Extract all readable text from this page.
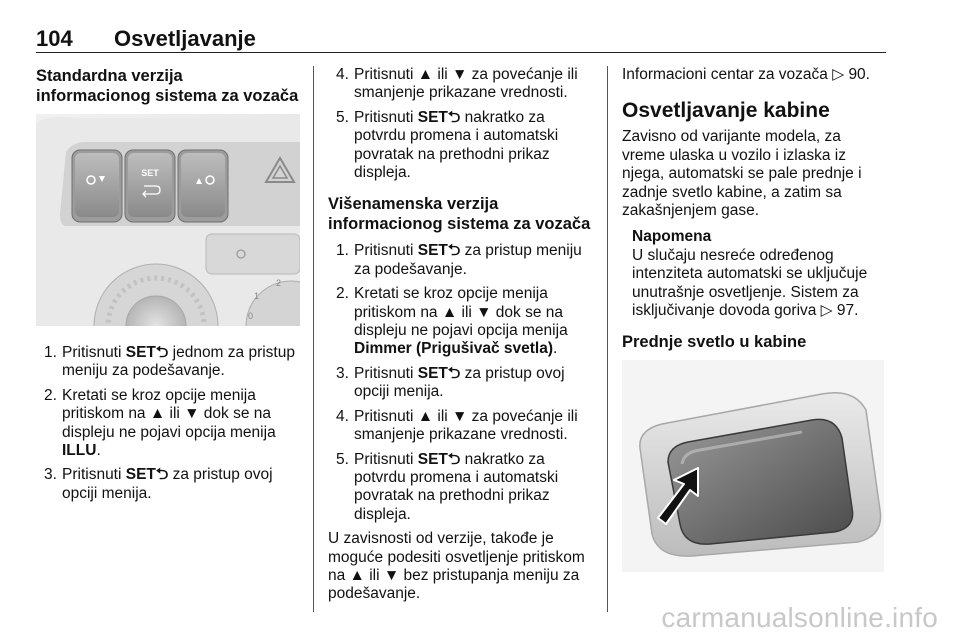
104 Osvetljavanje
Standardna verzija informacionog sistema za vozača
SET
0
1
2
1. Pritisnuti SET⮌ jednom za pristup meniju za podešavanje.
2. Kretati se kroz opcije menija pritiskom na ▲ ili ▼ dok se na displeju ne pojavi opcija menija ILLU.
3. Pritisnuti SET⮌ za pristup ovoj opciji menija.
4. Pritisnuti ▲ ili ▼ za povećanje ili smanjenje prikazane vrednosti.
5. Pritisnuti SET⮌ nakratko za potvrdu promena i automatski povratak na prethodni prikaz displeja.
Višenamenska verzija informacionog sistema za vozača
1. Pritisnuti SET⮌ za pristup meniju za podešavanje.
2. Kretati se kroz opcije menija pritiskom na ▲ ili ▼ dok se na displeju ne pojavi opcija menija Dimmer (Prigušivač svetla).
3. Pritisnuti SET⮌ za pristup ovoj opciji menija.
4. Pritisnuti ▲ ili ▼ za povećanje ili smanjenje prikazane vrednosti.
5. Pritisnuti SET⮌ nakratko za potvrdu promena i automatski povratak na prethodni prikaz displeja.

U zavisnosti od verzije, takođe je moguće podesiti osvetljenje pritiskom na ▲ ili ▼ bez pristupanja meniju za podešavanje.

Informacioni centar za vozača ▷ 90.

Osvetljavanje kabine

Zavisno od varijante modela, za vreme ulaska u vozilo i izlaska iz njega, automatski se pale prednje i zadnje svetlo kabine, a zatim sa zakašnjenjem gase.

Napomena
U slučaju nesreće određenog intenziteta automatski se uključuje unutrašnje osvetljenje. Sistem za isključivanje dovoda goriva ▷ 97.
Prednje svetlo u kabine
carmanualsonline.info
